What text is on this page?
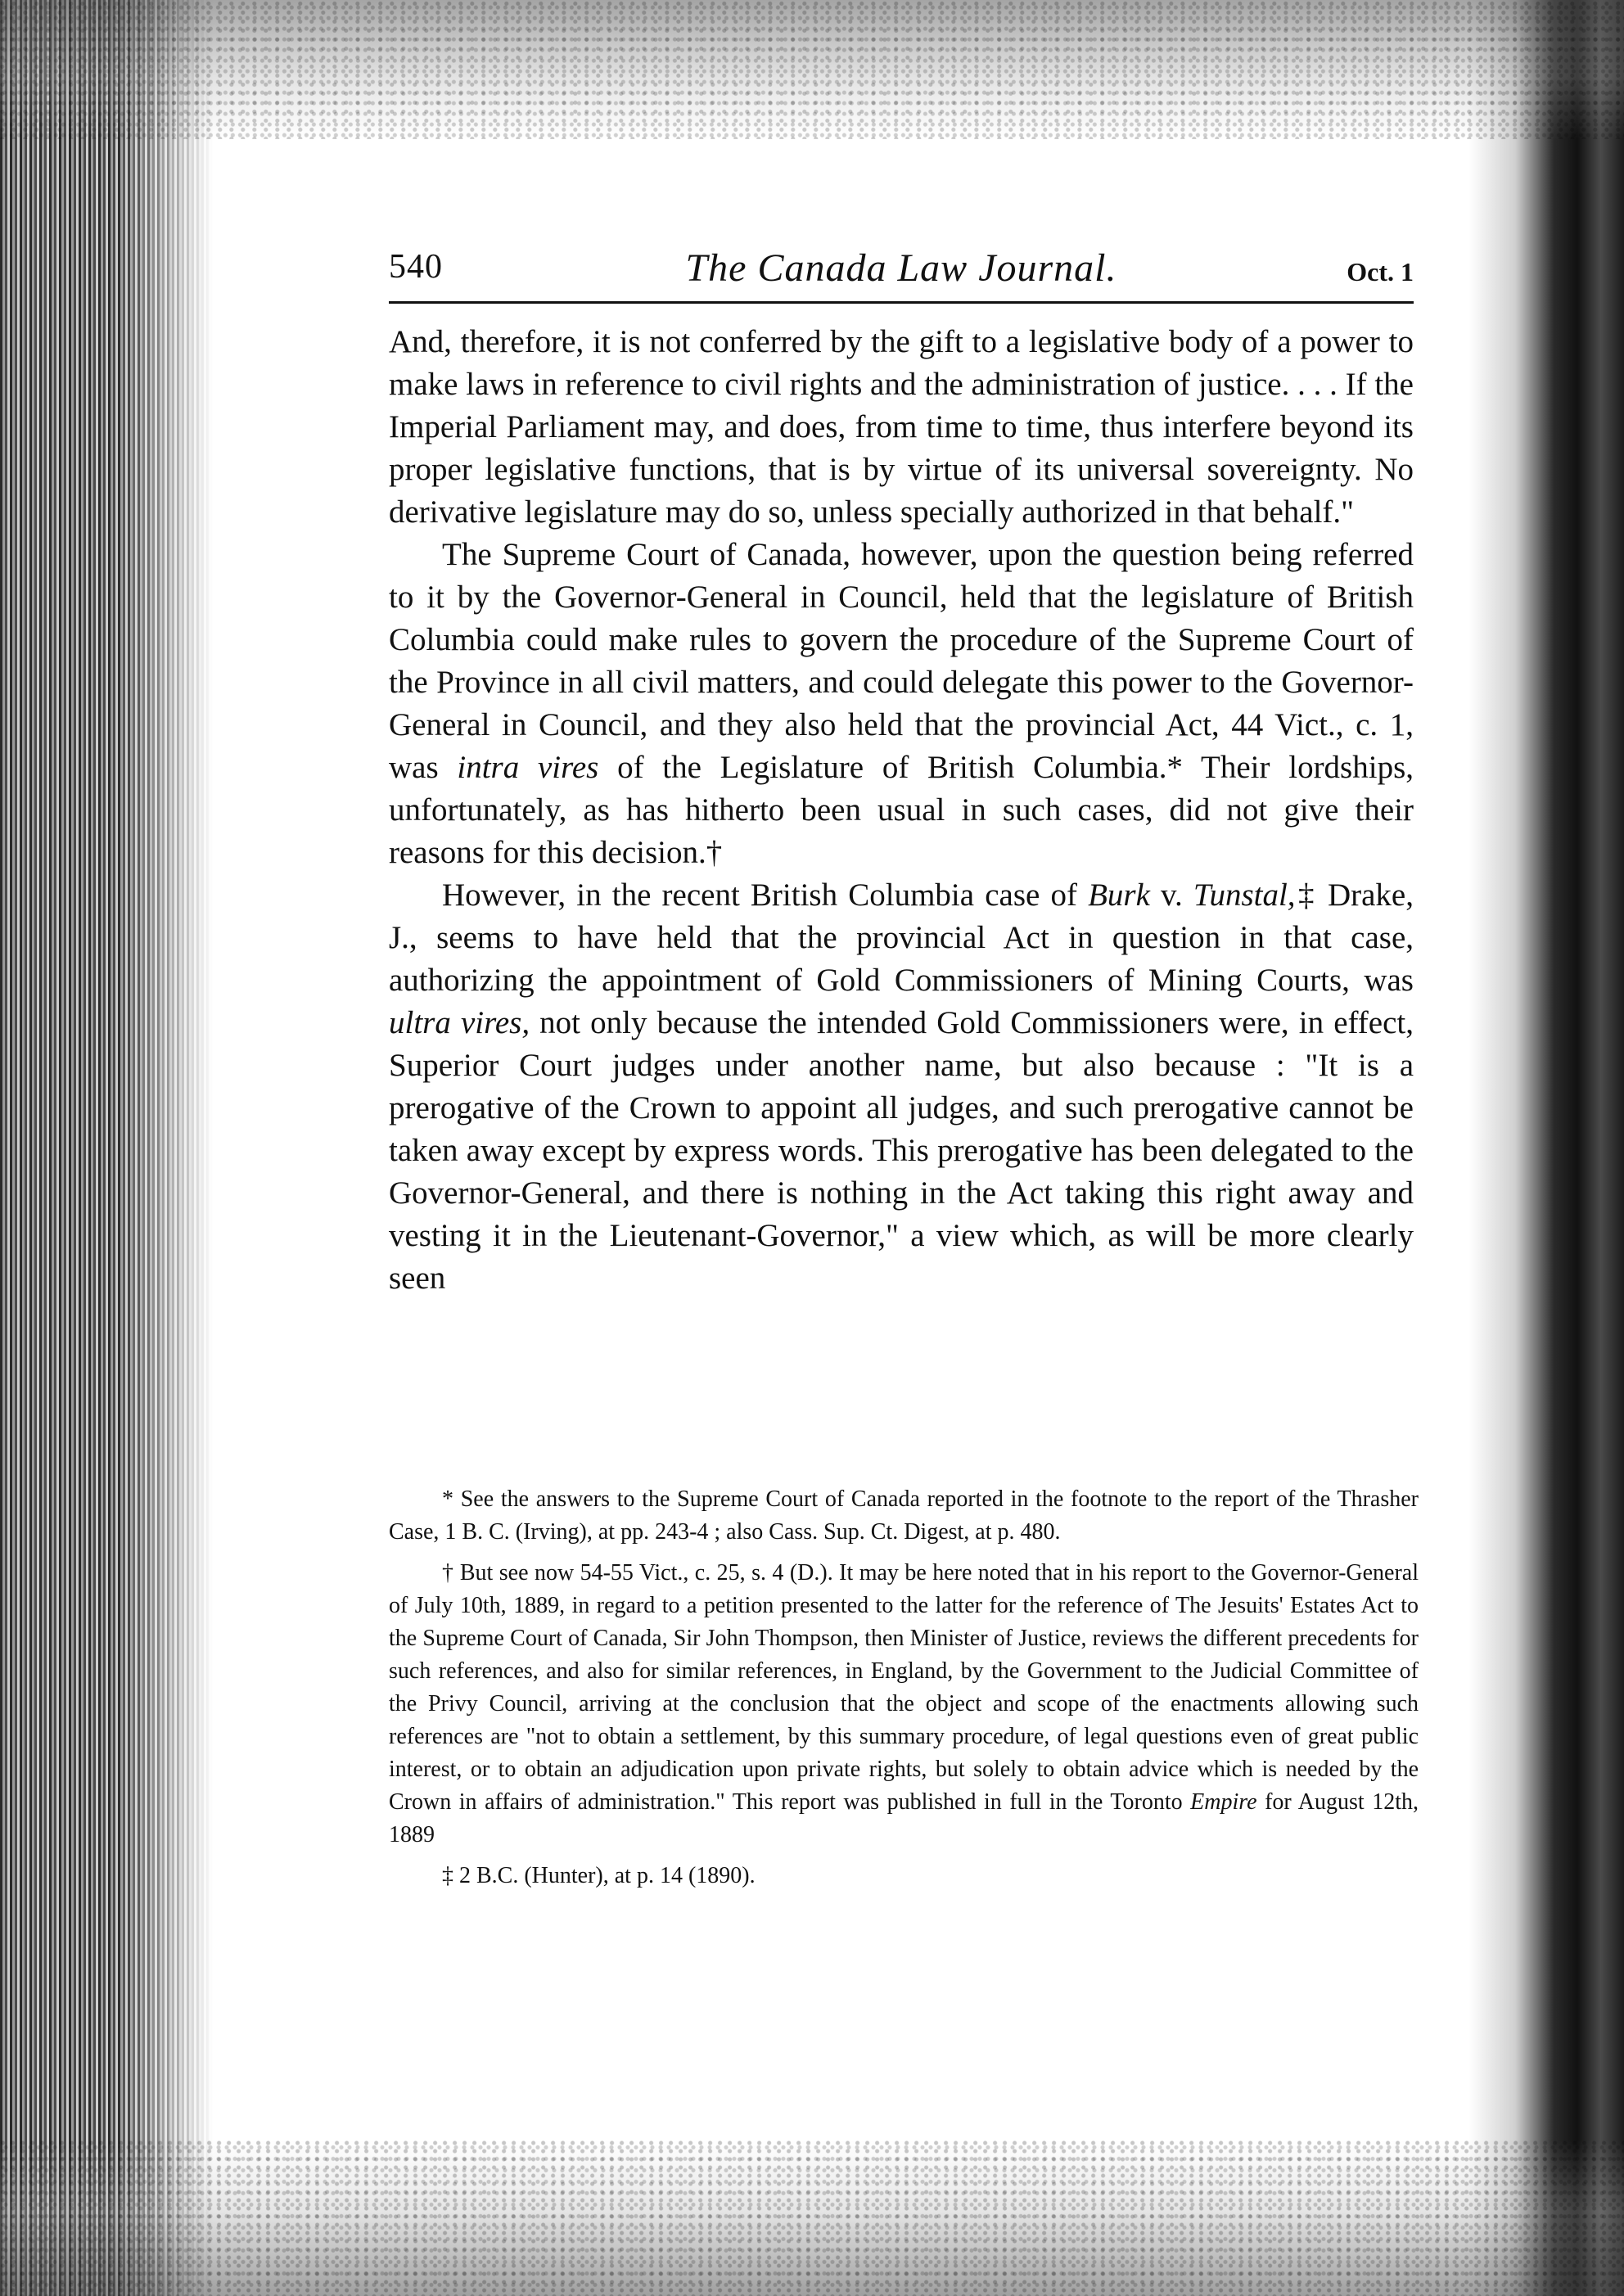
540	The Canada Law Journal.	Oct. 1

And, therefore, it is not conferred by the gift to a legislative body of a power to make laws in reference to civil rights and the administration of justice. . . . If the Imperial Parliament may, and does, from time to time, thus interfere beyond its proper legislative functions, that is by virtue of its universal sovereignty. No derivative legislature may do so, unless specially authorized in that behalf."

The Supreme Court of Canada, however, upon the question being referred to it by the Governor-General in Council, held that the legislature of British Columbia could make rules to govern the procedure of the Supreme Court of the Province in all civil matters, and could delegate this power to the Governor-General in Council, and they also held that the provincial Act, 44 Vict., c. 1, was intra vires of the Legislature of British Columbia.* Their lordships, unfortunately, as has hitherto been usual in such cases, did not give their reasons for this decision.†

However, in the recent British Columbia case of Burk v. Tunstal,‡ Drake, J., seems to have held that the provincial Act in question in that case, authorizing the appointment of Gold Commissioners of Mining Courts, was ultra vires, not only because the intended Gold Commissioners were, in effect, Superior Court judges under another name, but also because : "It is a prerogative of the Crown to appoint all judges, and such prerogative cannot be taken away except by express words. This prerogative has been delegated to the Governor-General, and there is nothing in the Act taking this right away and vesting it in the Lieutenant-Governor," a view which, as will be more clearly seen

* See the answers to the Supreme Court of Canada reported in the footnote to the report of the Thrasher Case, 1 B. C. (Irving), at pp. 243-4 ; also Cass. Sup. Ct. Digest, at p. 480.

† But see now 54-55 Vict., c. 25, s. 4 (D.). It may be here noted that in his report to the Governor-General of July 10th, 1889, in regard to a petition presented to the latter for the reference of The Jesuits' Estates Act to the Supreme Court of Canada, Sir John Thompson, then Minister of Justice, reviews the different precedents for such references, and also for similar references, in England, by the Government to the Judicial Committee of the Privy Council, arriving at the conclusion that the object and scope of the enactments allowing such references are "not to obtain a settlement, by this summary procedure, of legal questions even of great public interest, or to obtain an adjudication upon private rights, but solely to obtain advice which is needed by the Crown in affairs of administration." This report was published in full in the Toronto Empire for August 12th, 1889

‡ 2 B.C. (Hunter), at p. 14 (1890).
